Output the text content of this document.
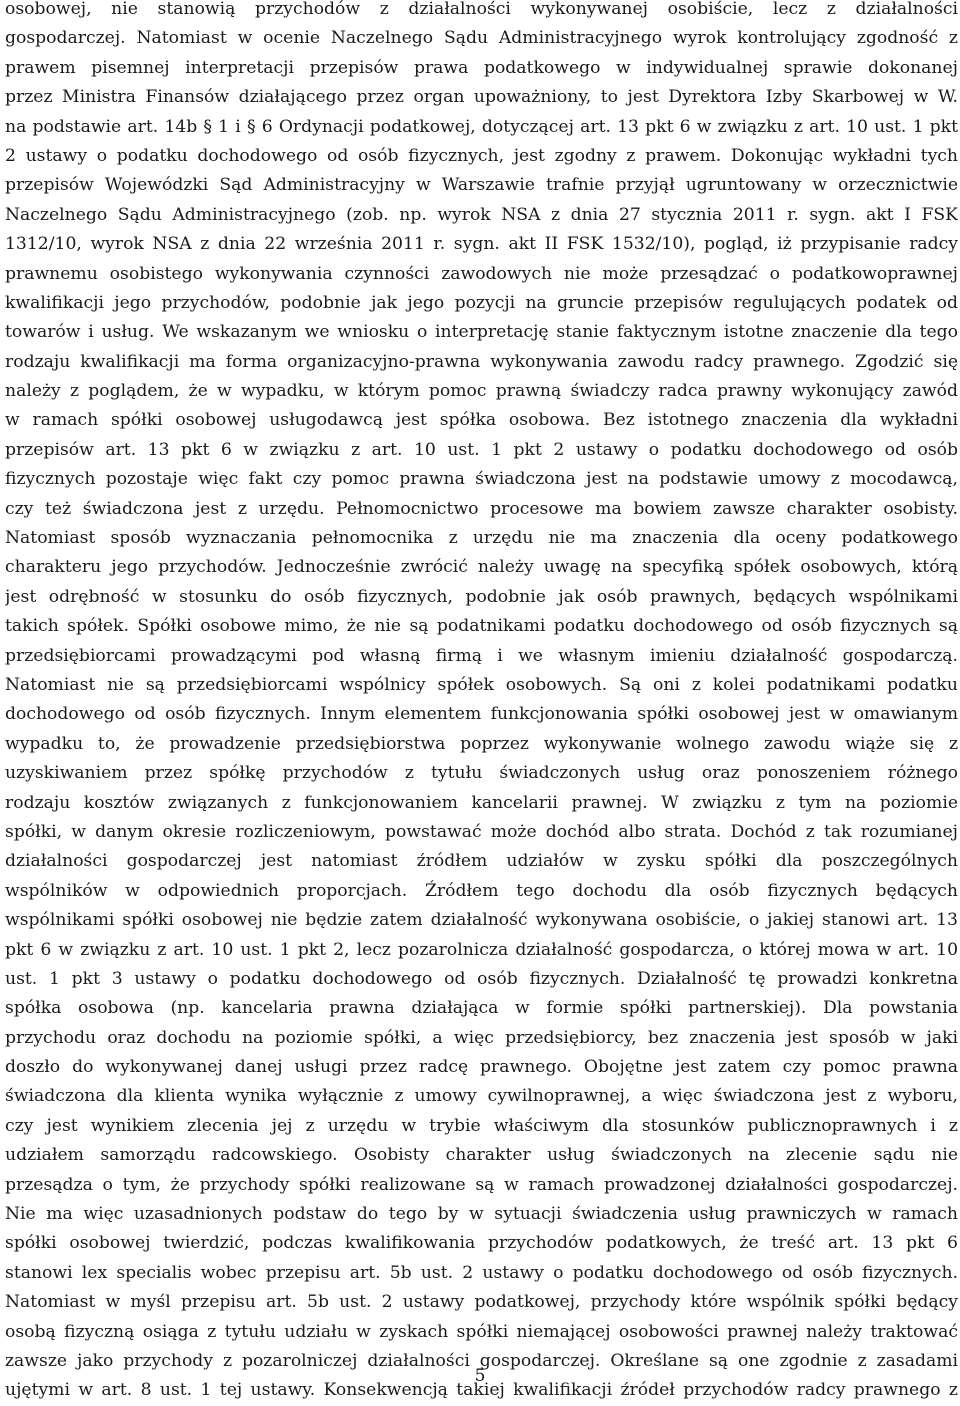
osobowej, nie stanowią przychodów z działalności wykonywanej osobiście, lecz z działalności
gospodarczej. Natomiast w ocenie Naczelnego Sądu Administracyjnego wyrok kontrolujący zgodność z
prawem pisemnej interpretacji przepisów prawa podatkowego w indywidualnej sprawie dokonanej
przez Ministra Finansów działającego przez organ upoważniony, to jest Dyrektora Izby Skarbowej w W.
na podstawie art. 14b § 1 i § 6 Ordynacji podatkowej, dotyczącej art. 13 pkt 6 w związku z art. 10 ust. 1 pkt
2 ustawy o podatku dochodowego od osób fizycznych, jest zgodny z prawem. Dokonując wykładni tych
przepisów Wojewódzki Sąd Administracyjny w Warszawie trafnie przyjął ugruntowany w orzecznictwie
Naczelnego Sądu Administracyjnego (zob. np. wyrok NSA z dnia 27 stycznia 2011 r. sygn. akt I FSK
1312/10, wyrok NSA z dnia 22 września 2011 r. sygn. akt II FSK 1532/10), pogląd, iż przypisanie radcy
prawnemu osobistego wykonywania czynności zawodowych nie może przesądzać o podatkowoprawnej
kwalifikacji jego przychodów, podobnie jak jego pozycji na gruncie przepisów regulujących podatek od
towarów i usług. We wskazanym we wniosku o interpretację stanie faktycznym istotne znaczenie dla tego
rodzaju kwalifikacji ma forma organizacyjno-prawna wykonywania zawodu radcy prawnego. Zgodzić się
należy z poglądem, że w wypadku, w którym pomoc prawną świadczy radca prawny wykonujący zawód
w ramach spółki osobowej usługodawcą jest spółka osobowa. Bez istotnego znaczenia dla wykładni
przepisów art. 13 pkt 6 w związku z art. 10 ust. 1 pkt 2 ustawy o podatku dochodowego od osób
fizycznych pozostaje więc fakt czy pomoc prawna świadczona jest na podstawie umowy z mocodawcą,
czy też świadczona jest z urzędu. Pełnomocnictwo procesowe ma bowiem zawsze charakter osobisty.
Natomiast sposób wyznaczania pełnomocnika z urzędu nie ma znaczenia dla oceny podatkowego
charakteru jego przychodów. Jednocześnie zwrócić należy uwagę na specyfiką spółek osobowych, którą
jest odrębność w stosunku do osób fizycznych, podobnie jak osób prawnych, będących wspólnikami
takich spółek. Spółki osobowe mimo, że nie są podatnikami podatku dochodowego od osób fizycznych są
przedsiębiorcami prowadzącymi pod własną firmą i we własnym imieniu działalność gospodarczą.
Natomiast nie są przedsiębiorcami wspólnicy spółek osobowych. Są oni z kolei podatnikami podatku
dochodowego od osób fizycznych. Innym elementem funkcjonowania spółki osobowej jest w omawianym
wypadku to, że prowadzenie przedsiębiorstwa poprzez wykonywanie wolnego zawodu wiąże się z
uzyskiwaniem przez spółkę przychodów z tytułu świadczonych usług oraz ponoszeniem różnego
rodzaju kosztów związanych z funkcjonowaniem kancelarii prawnej. W związku z tym na poziomie
spółki, w danym okresie rozliczeniowym, powstawać może dochód albo strata. Dochód z tak rozumianej
działalności gospodarczej jest natomiast źródłem udziałów w zysku spółki dla poszczególnych
wspólników w odpowiednich proporcjach. Źródłem tego dochodu dla osób fizycznych będących
wspólnikami spółki osobowej nie będzie zatem działalność wykonywana osobiście, o jakiej stanowi art. 13
pkt 6 w związku z art. 10 ust. 1 pkt 2, lecz pozarolnicza działalność gospodarcza, o której mowa w art. 10
ust. 1 pkt 3 ustawy o podatku dochodowego od osób fizycznych. Działalność tę prowadzi konkretna
spółka osobowa (np. kancelaria prawna działająca w formie spółki partnerskiej). Dla powstania
przychodu oraz dochodu na poziomie spółki, a więc przedsiębiorcy, bez znaczenia jest sposób w jaki
doszło do wykonywanej danej usługi przez radcę prawnego. Obojętne jest zatem czy pomoc prawna
świadczona dla klienta wynika wyłącznie z umowy cywilnoprawnej, a więc świadczona jest z wyboru,
czy jest wynikiem zlecenia jej z urzędu w trybie właściwym dla stosunków publicznoprawnych i z
udziałem samorządu radcowskiego. Osobisty charakter usług świadczonych na zlecenie sądu nie
przesądza o tym, że przychody spółki realizowane są w ramach prowadzonej działalności gospodarczej.
Nie ma więc uzasadnionych podstaw do tego by w sytuacji świadczenia usług prawniczych w ramach
spółki osobowej twierdzić, podczas kwalifikowania przychodów podatkowych, że treść art. 13 pkt 6
stanowi lex specialis wobec przepisu art. 5b ust. 2 ustawy o podatku dochodowego od osób fizycznych.
Natomiast w myśl przepisu art. 5b ust. 2 ustawy podatkowej, przychody które wspólnik spółki będący
osobą fizyczną osiąga z tytułu udziału w zyskach spółki niemającej osobowości prawnej należy traktować
zawsze jako przychody z pozarolniczej działalności gospodarczej. Określane są one zgodnie z zasadami
ujętymi w art. 8 ust. 1 tej ustawy. Konsekwencją takiej kwalifikacji źródeł przychodów radcy prawnego z
5
